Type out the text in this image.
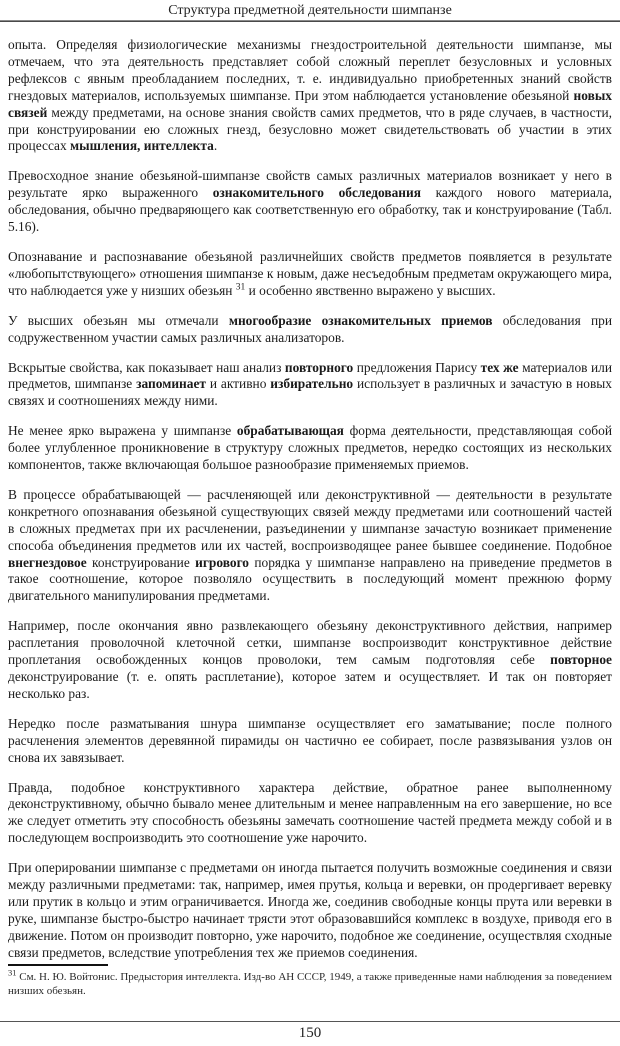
Структура предметной деятельности шимпанзе

опыта. Определяя физиологические механизмы гнездостроительной деятельности шимпанзе, мы отмечаем, что эта деятельность представляет собой сложный переплет безусловных и условных рефлексов с явным преобладанием последних, т. е. индивидуально приобретенных знаний свойств гнездовых материалов, используемых шимпанзе. При этом наблюдается установление обезьяной новых связей между предметами, на основе знания свойств самих предметов, что в ряде случаев, в частности, при конструировании ею сложных гнезд, безусловно может свидетельствовать об участии в этих процессах мышления, интеллекта.

Превосходное знание обезьяной-шимпанзе свойств самых различных материалов возникает у него в результате ярко выраженного ознакомительного обследования каждого нового материала, обследования, обычно предваряющего как соответственную его обработку, так и конструирование (Табл. 5.16).

Опознавание и распознавание обезьяной различнейших свойств предметов появляется в результате «любопытствующего» отношения шимпанзе к новым, даже несъедобным предметам окружающего мира, что наблюдается уже у низших обезьян $^{31}$ и особенно явственно выражено у высших.

У высших обезьян мы отмечали многообразие ознакомительных приемов обследования при содружественном участии самых различных анализаторов.

Вскрытые свойства, как показывает наш анализ повторного предложения Парису тех же материалов или предметов, шимпанзе запоминает и активно избирательно использует в различных и зачастую в новых связях и соотношениях между ними.

Не менее ярко выражена у шимпанзе обрабатывающая форма деятельности, представляющая собой более углубленное проникновение в структуру сложных предметов, нередко состоящих из нескольких компонентов, также включающая большое разнообразие применяемых приемов.

В процессе обрабатывающей — расчленяющей или деконструктивной — деятельности в результате конкретного опознавания обезьяной существующих связей между предметами или соотношений частей в сложных предметах при их расчленении, разъединении у шимпанзе зачастую возникает применение способа объединения предметов или их частей, воспроизводящее ранее бывшее соединение. Подобное внегнездовое конструирование игрового порядка у шимпанзе направлено на приведение предметов в такое соотношение, которое позволяло осуществить в последующий момент прежнюю форму двигательного манипулирования предметами.

Например, после окончания явно развлекающего обезьяну деконструктивного действия, например расплетания проволочной клеточной сетки, шимпанзе воспроизводит конструктивное действие проплетания освобожденных концов проволоки, тем самым подготовляя себе повторное деконструирование (т. е. опять расплетание), которое затем и осуществляет. И так он повторяет несколько раз.

Нередко после разматывания шнура шимпанзе осуществляет его заматывание; после полного расчленения элементов деревянной пирамиды он частично ее собирает, после развязывания узлов он снова их завязывает.

Правда, подобное конструктивного характера действие, обратное ранее выполненному деконструктивному, обычно бывало менее длительным и менее направленным на его завершение, но все же следует отметить эту способность обезьяны замечать соотношение частей предмета между собой и в последующем воспроизводить это соотношение уже нарочито.

При оперировании шимпанзе с предметами он иногда пытается получить возможные соединения и связи между различными предметами: так, например, имея прутья, кольца и веревки, он продергивает веревку или прутик в кольцо и этим ограничивается. Иногда же, соединив свободные концы прута или веревки в руке, шимпанзе быстро-быстро начинает трясти этот образовавшийся комплекс в воздухе, приводя его в движение. Потом он производит повторно, уже нарочито, подобное же соединение, осуществляя сходные связи предметов, вследствие употребления тех же приемов соединения.

$^{31}$ См. Н. Ю. Войтонис. Предыстория интеллекта. Изд-во АН СССР, 1949, а также приведенные нами наблюдения за поведением низших обезьян.
150
